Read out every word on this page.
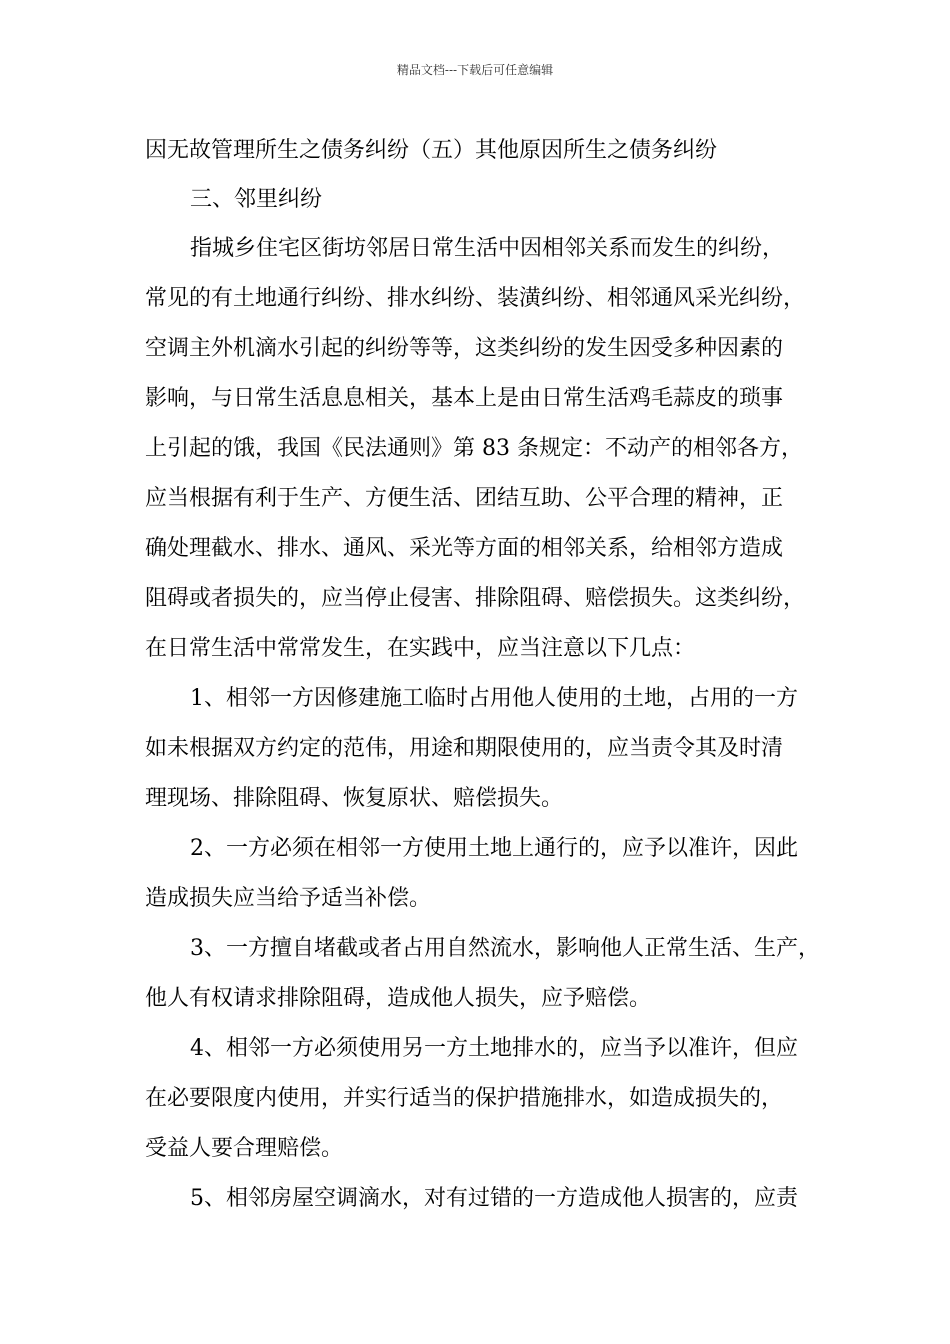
精品文档---下载后可任意编辑
因无故管理所生之债务纠纷（五）其他原因所生之债务纠纷
三、邻里纠纷
指城乡住宅区街坊邻居日常生活中因相邻关系而发生的纠纷，
常见的有土地通行纠纷、排水纠纷、装潢纠纷、相邻通风采光纠纷，
空调主外机滴水引起的纠纷等等，这类纠纷的发生因受多种因素的
影响，与日常生活息息相关，基本上是由日常生活鸡毛蒜皮的琐事
上引起的饿，我国《民法通则》第 83 条规定：不动产的相邻各方，
应当根据有利于生产、方便生活、团结互助、公平合理的精神，正
确处理截水、排水、通风、采光等方面的相邻关系，给相邻方造成
阻碍或者损失的，应当停止侵害、排除阻碍、赔偿损失。这类纠纷，
在日常生活中常常发生，在实践中，应当注意以下几点：
1、相邻一方因修建施工临时占用他人使用的土地，占用的一方
如未根据双方约定的范伟，用途和期限使用的，应当责令其及时清
理现场、排除阻碍、恢复原状、赔偿损失。
2、一方必须在相邻一方使用土地上通行的，应予以准许，因此
造成损失应当给予适当补偿。
3、一方擅自堵截或者占用自然流水，影响他人正常生活、生产，
他人有权请求排除阻碍，造成他人损失，应予赔偿。
4、相邻一方必须使用另一方土地排水的，应当予以准许，但应
在必要限度内使用，并实行适当的保护措施排水，如造成损失的，
受益人要合理赔偿。
5、相邻房屋空调滴水，对有过错的一方造成他人损害的，应责
